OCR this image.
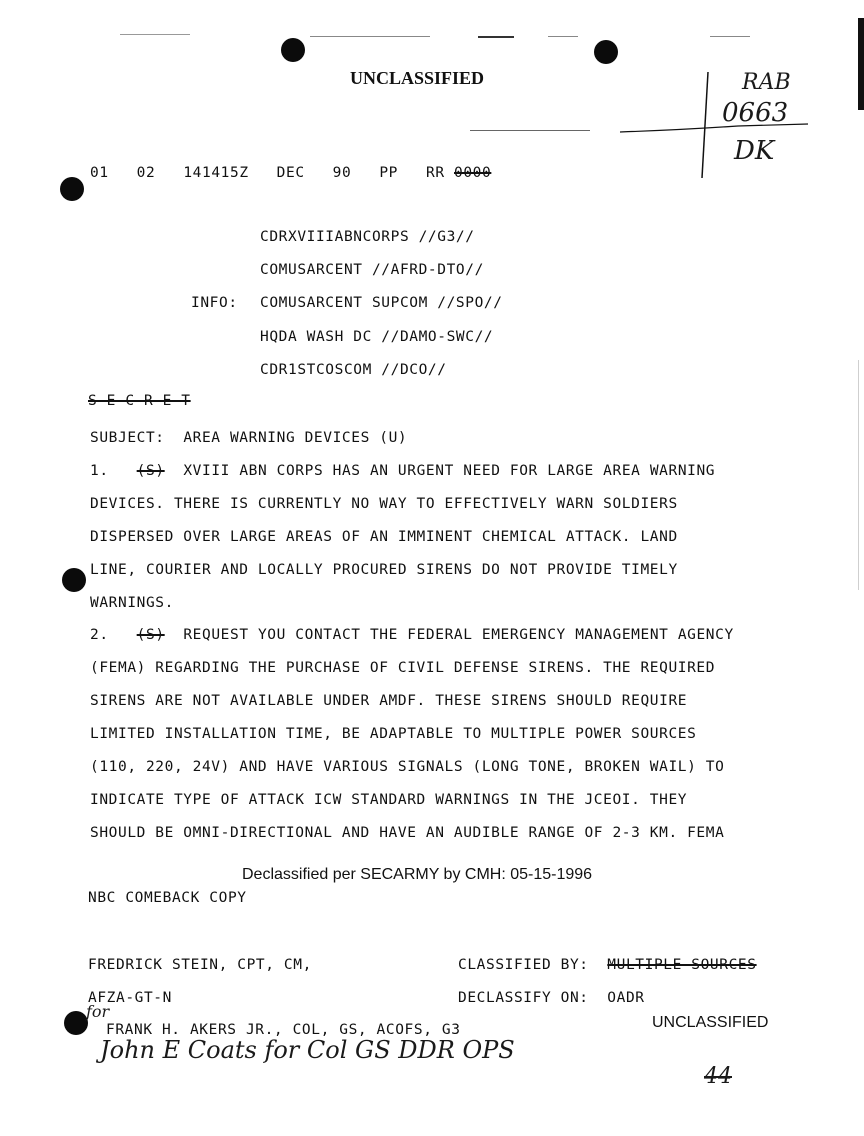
UNCLASSIFIED	RAB
0663
DK
01 02 141415Z DEC 90 PP RR 0000
CDRXVIIIABNCORPS //G3//
COMUSARCENT //AFRD-DTO//
INFO: COMUSARCENT SUPCOM //SPO//
HQDA WASH DC //DAMO-SWC//
CDR1STCOSCOM //DCO//
S E C R E T
SUBJECT: AREA WARNING DEVICES (U)
1. (S) XVIII ABN CORPS HAS AN URGENT NEED FOR LARGE AREA WARNING
DEVICES. THERE IS CURRENTLY NO WAY TO EFFECTIVELY WARN SOLDIERS
DISPERSED OVER LARGE AREAS OF AN IMMINENT CHEMICAL ATTACK. LAND
LINE, COURIER AND LOCALLY PROCURED SIRENS DO NOT PROVIDE TIMELY
WARNINGS.
2. (S) REQUEST YOU CONTACT THE FEDERAL EMERGENCY MANAGEMENT AGENCY
(FEMA) REGARDING THE PURCHASE OF CIVIL DEFENSE SIRENS. THE REQUIRED
SIRENS ARE NOT AVAILABLE UNDER AMDF. THESE SIRENS SHOULD REQUIRE
LIMITED INSTALLATION TIME, BE ADAPTABLE TO MULTIPLE POWER SOURCES
(110, 220, 24V) AND HAVE VARIOUS SIGNALS (LONG TONE, BROKEN WAIL) TO
INDICATE TYPE OF ATTACK ICW STANDARD WARNINGS IN THE JCEOI. THEY
SHOULD BE OMNI-DIRECTIONAL AND HAVE AN AUDIBLE RANGE OF 2-3 KM. FEMA
Declassified per SECARMY by CMH: 05-15-1996
NBC COMEBACK COPY
FREDRICK STEIN, CPT, CM,
AFZA-GT-N
FRANK H. AKERS JR., COL, GS, ACOFS, G3
CLASSIFIED BY: MULTIPLE SOURCES
DECLASSIFY ON: OADR
UNCLASSIFIED
for
John E Coats for Col GS DDR OPS
44
